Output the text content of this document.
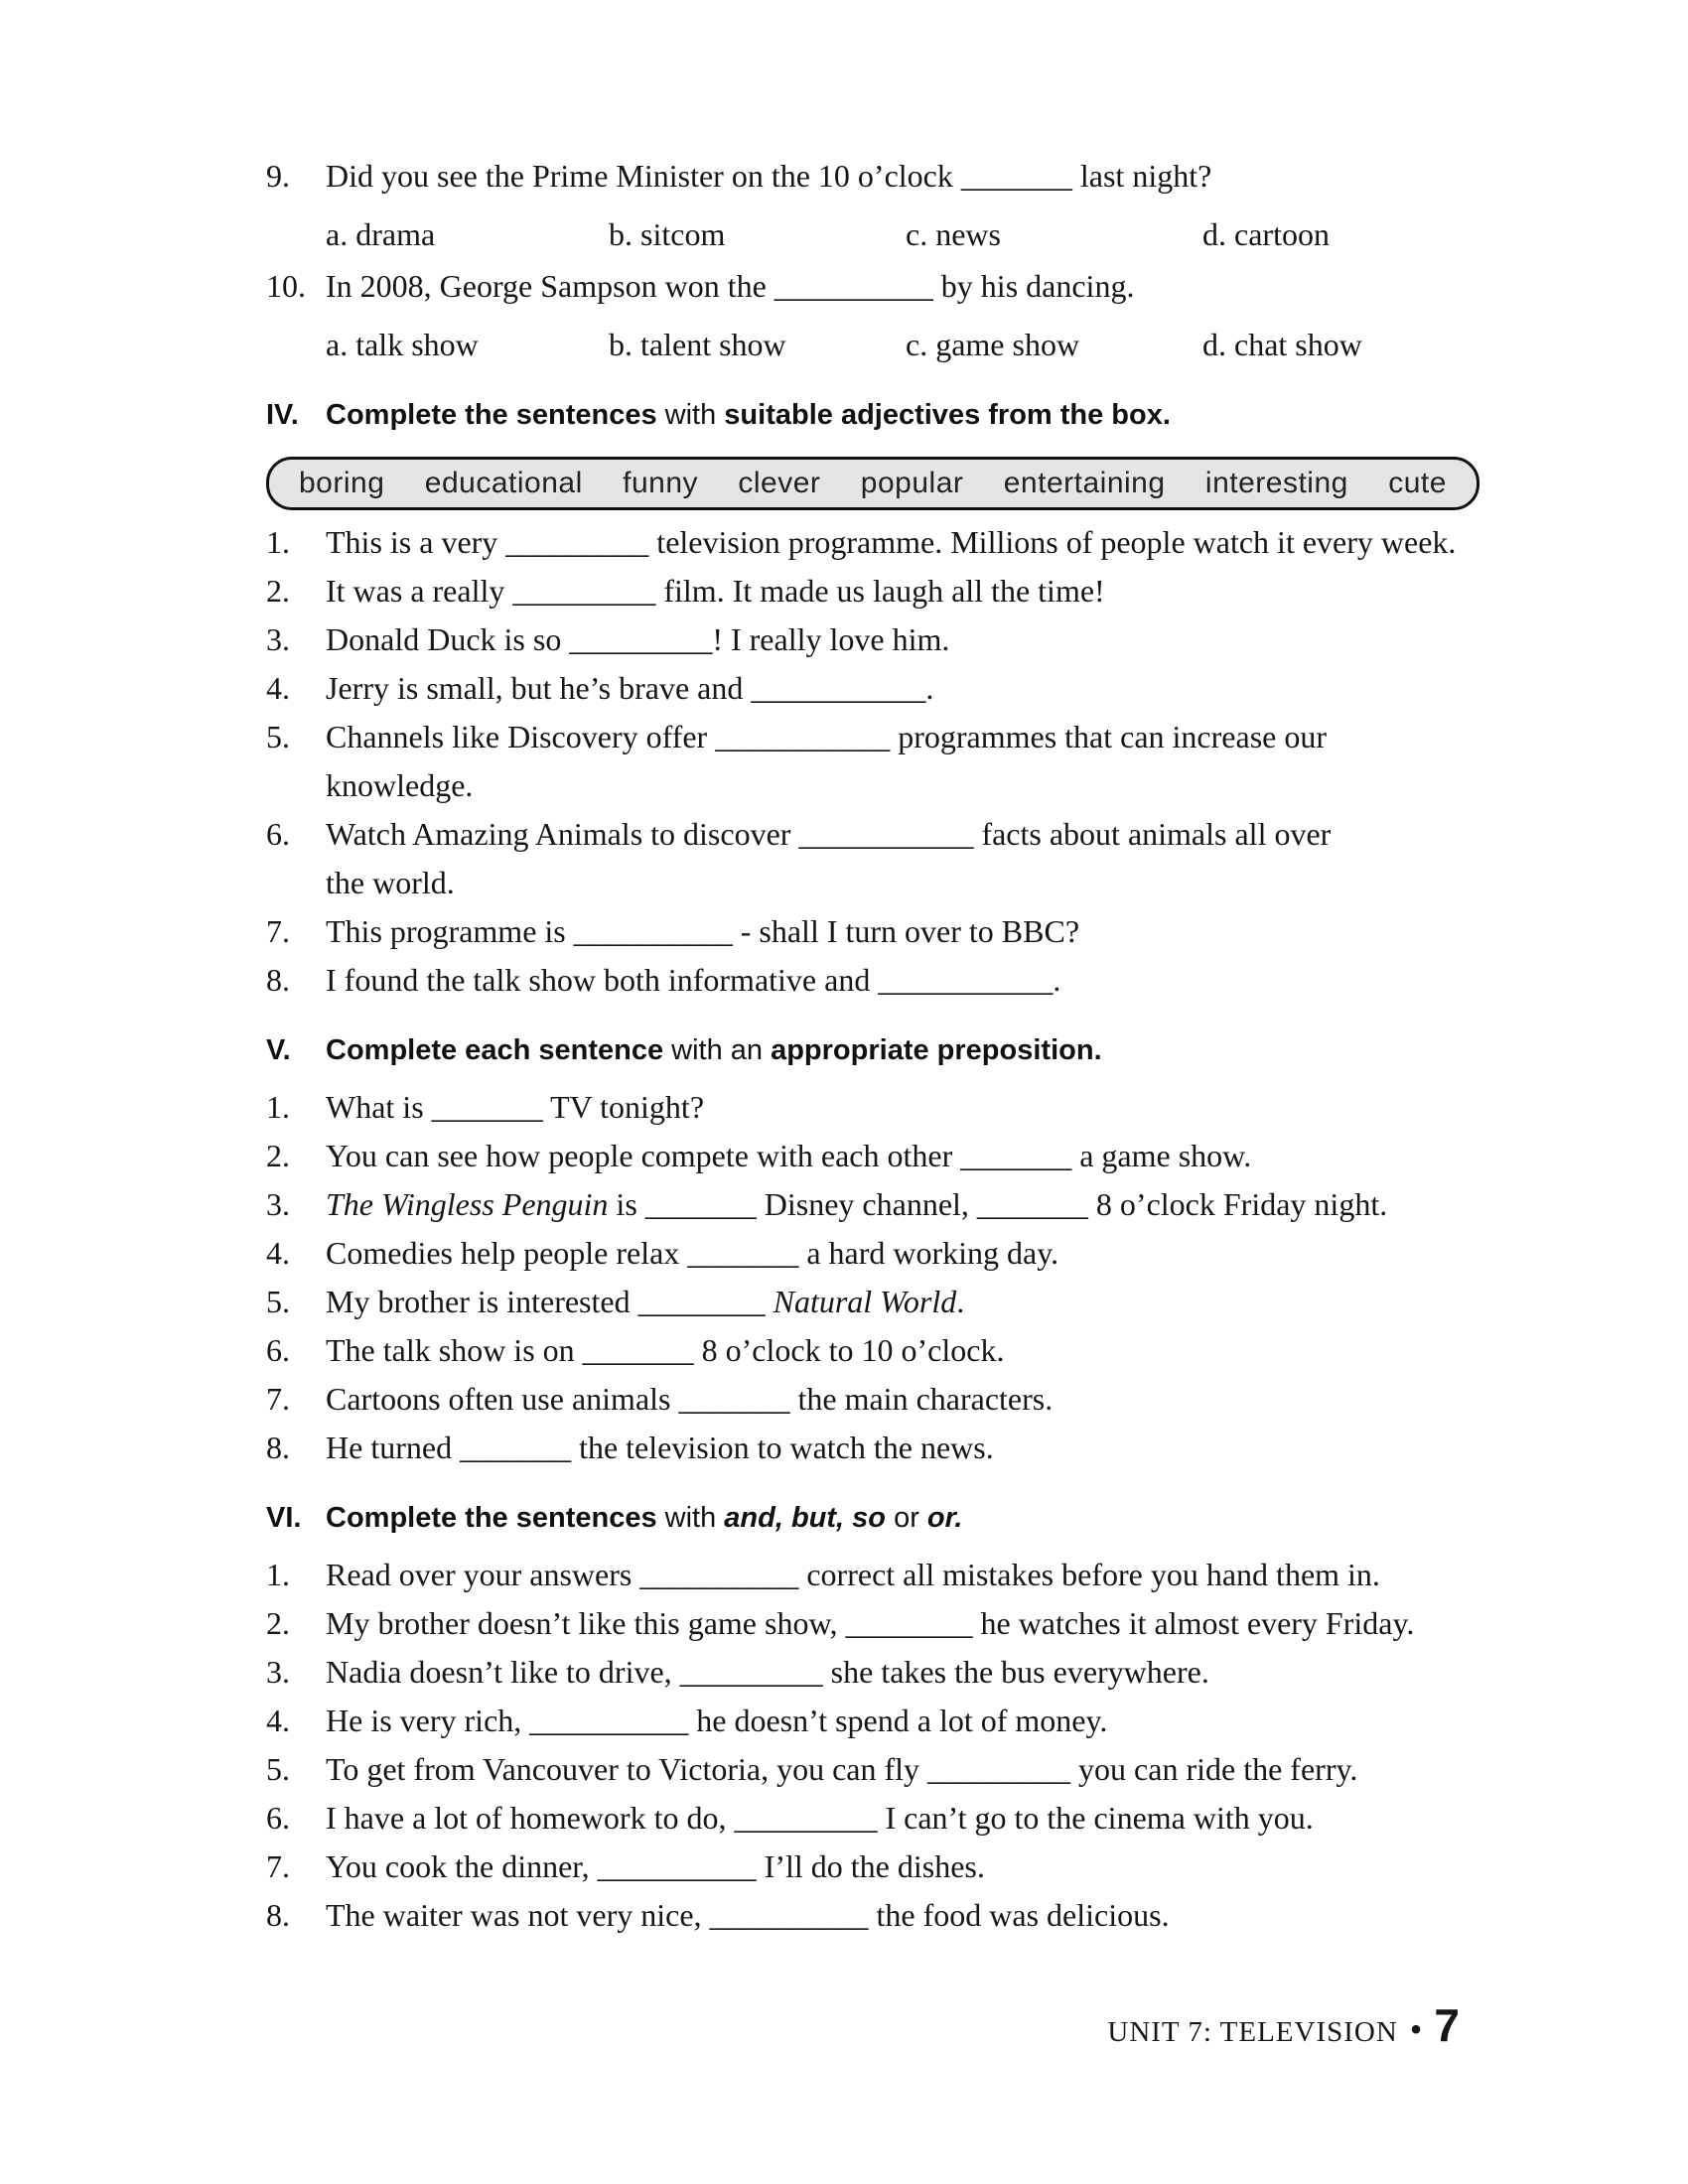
9.	Did you see the Prime Minister on the 10 o’clock _______ last night?
a. drama	b. sitcom	c. news	d. cartoon
10. In 2008, George Sampson won the __________ by his dancing.
a. talk show	b. talent show	c. game show	d. chat show
IV. Complete the sentences with suitable adjectives from the box.
boring educational funny clever popular entertaining interesting cute
1.	This is a very _________ television programme. Millions of people watch it every week.
2.	It was a really _________ film. It made us laugh all the time!
3.	Donald Duck is so _________! I really love him.
4.	Jerry is small, but he’s brave and ___________.
5.	Channels like Discovery offer ___________ programmes that can increase our
knowledge.
6.	Watch Amazing Animals to discover ___________ facts about animals all over
the world.
7.	This programme is __________ - shall I turn over to BBC?
8.	I found the talk show both informative and ___________.
V.	Complete each sentence with an appropriate preposition.
1.	What is _______ TV tonight?
2.	You can see how people compete with each other _______ a game show.
3.	The Wingless Penguin is _______ Disney channel, _______ 8 o’clock Friday night.
4.	Comedies help people relax _______ a hard working day.
5.	My brother is interested ________ Natural World.
6.	The talk show is on _______ 8 o’clock to 10 o’clock.
7.	Cartoons often use animals _______ the main characters.
8.	He turned _______ the television to watch the news.
VI. Complete the sentences with and, but, so or or.
1.	Read over your answers __________ correct all mistakes before you hand them in.
2.	My brother doesn’t like this game show, ________ he watches it almost every Friday.
3.	Nadia doesn’t like to drive, _________ she takes the bus everywhere.
4.	He is very rich, __________ he doesn’t spend a lot of money.
5.	To get from Vancouver to Victoria, you can fly _________ you can ride the ferry.
6.	I have a lot of homework to do, _________ I can’t go to the cinema with you.
7.	You cook the dinner, __________ I’ll do the dishes.
8.	The waiter was not very nice, __________ the food was delicious.
UNIT 7: TELEVISION • 7
